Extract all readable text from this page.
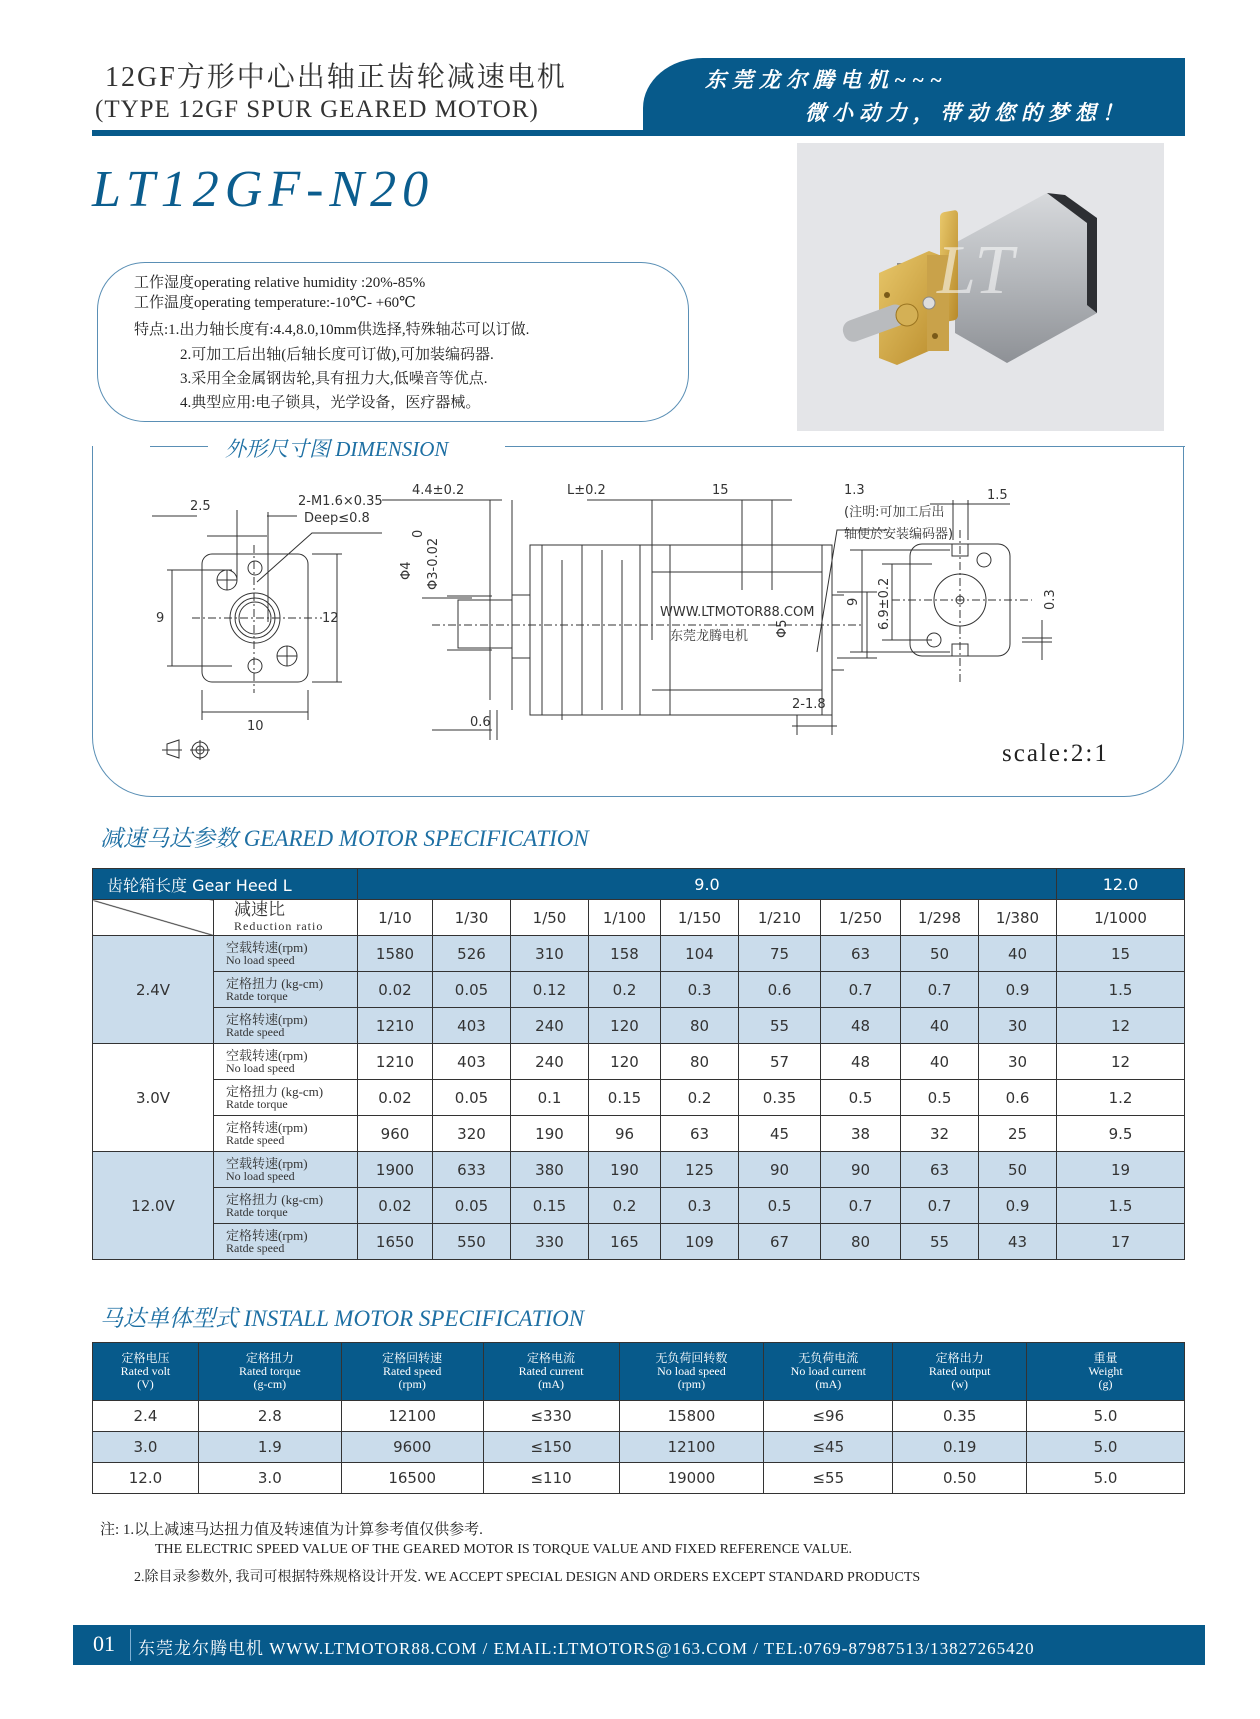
12GF方形中心出轴正齿轮减速电机
(TYPE 12GF SPUR GEARED MOTOR)
东莞龙尔腾电机~~~
微小动力，带动您的梦想！
LT12GF-N20
LT
工作湿度operating relative humidity :20%-85%
工作温度operating temperature:-10℃- +60℃
特点:1.出力轴长度有:4.4,8.0,10mm供选择,特殊轴芯可以订做.
2.可加工后出轴(后轴长度可订做),可加装编码器.
3.采用全金属钢齿轮,具有扭力大,低噪音等优点.
4.典型应用:电子锁具，光学设备，医疗器械。
外形尺寸图 DIMENSION
2.5	2-M1.6×0.35
Deep≤0.8
9	12
10
4.4±0.2	L±0.2	15	1.3
Φ4 Φ3-0.02
0
0.6
(注明:可加工后出
轴便於安装编码器)
WWW.LTMOTOR88.COM
东莞龙腾电机 Φ5
2-1.8
1.5
9 6.9±0.2	0.3
scale:2:1
减速马达参数 GEARED MOTOR SPECIFICATION
齿轮箱长度 Gear Heed L		9.0									12.0
	减速比
Reduction ratio	1/10	1/30	1/50	1/100	1/150	1/210	1/250	1/298	1/380	1/1000
2.4V	空载转速(rpm)
No load speed	1580	526	310	158	104	75	63	50	40	15
	定格扭力 (kg-cm)
Ratde torque	0.02	0.05	0.12	0.2	0.3	0.6	0.7	0.7	0.9	1.5
	定格转速(rpm)
Ratde speed	1210	403	240	120	80	55	48	40	30	12
3.0V	空载转速(rpm)
No load speed	1210	403	240	120	80	57	48	40	30	12
	定格扭力 (kg-cm)
Ratde torque	0.02	0.05	0.1	0.15	0.2	0.35	0.5	0.5	0.6	1.2
	定格转速(rpm)
Ratde speed	960	320	190	96	63	45	38	32	25	9.5
12.0V	空载转速(rpm)
No load speed	1900	633	380	190	125	90	90	63	50	19
	定格扭力 (kg-cm)
Ratde torque	0.02	0.05	0.15	0.2	0.3	0.5	0.7	0.7	0.9	1.5
	定格转速(rpm)
Ratde speed	1650	550	330	165	109	67	80	55	43	17
马达单体型式 INSTALL MOTOR SPECIFICATION
定格电压
Rated volt
(V)	定格扭力
Rated torque
(g-cm)	定格回转速
Rated speed
(rpm)	定格电流
Rated current
(mA)	无负荷回转数
No load speed
(rpm)	无负荷电流
No load current
(mA)	定格出力
Rated output
(w)	重量
Weight
(g)
2.4	2.8	12100	≤330	15800	≤96	0.35	5.0
3.0	1.9	9600	≤150	12100	≤45	0.19	5.0
12.0	3.0	16500	≤110	19000	≤55	0.50	5.0
注: 1.以上减速马达扭力值及转速值为计算参考值仅供参考.
THE ELECTRIC SPEED VALUE OF THE GEARED MOTOR IS TORQUE VALUE AND FIXED REFERENCE VALUE.
2.除目录参数外, 我司可根据特殊规格设计开发. WE ACCEPT SPECIAL DESIGN AND ORDERS EXCEPT STANDARD PRODUCTS
01 东莞龙尔腾电机 WWW.LTMOTOR88.COM / EMAIL:LTMOTORS@163.COM / TEL:0769-87987513/13827265420
